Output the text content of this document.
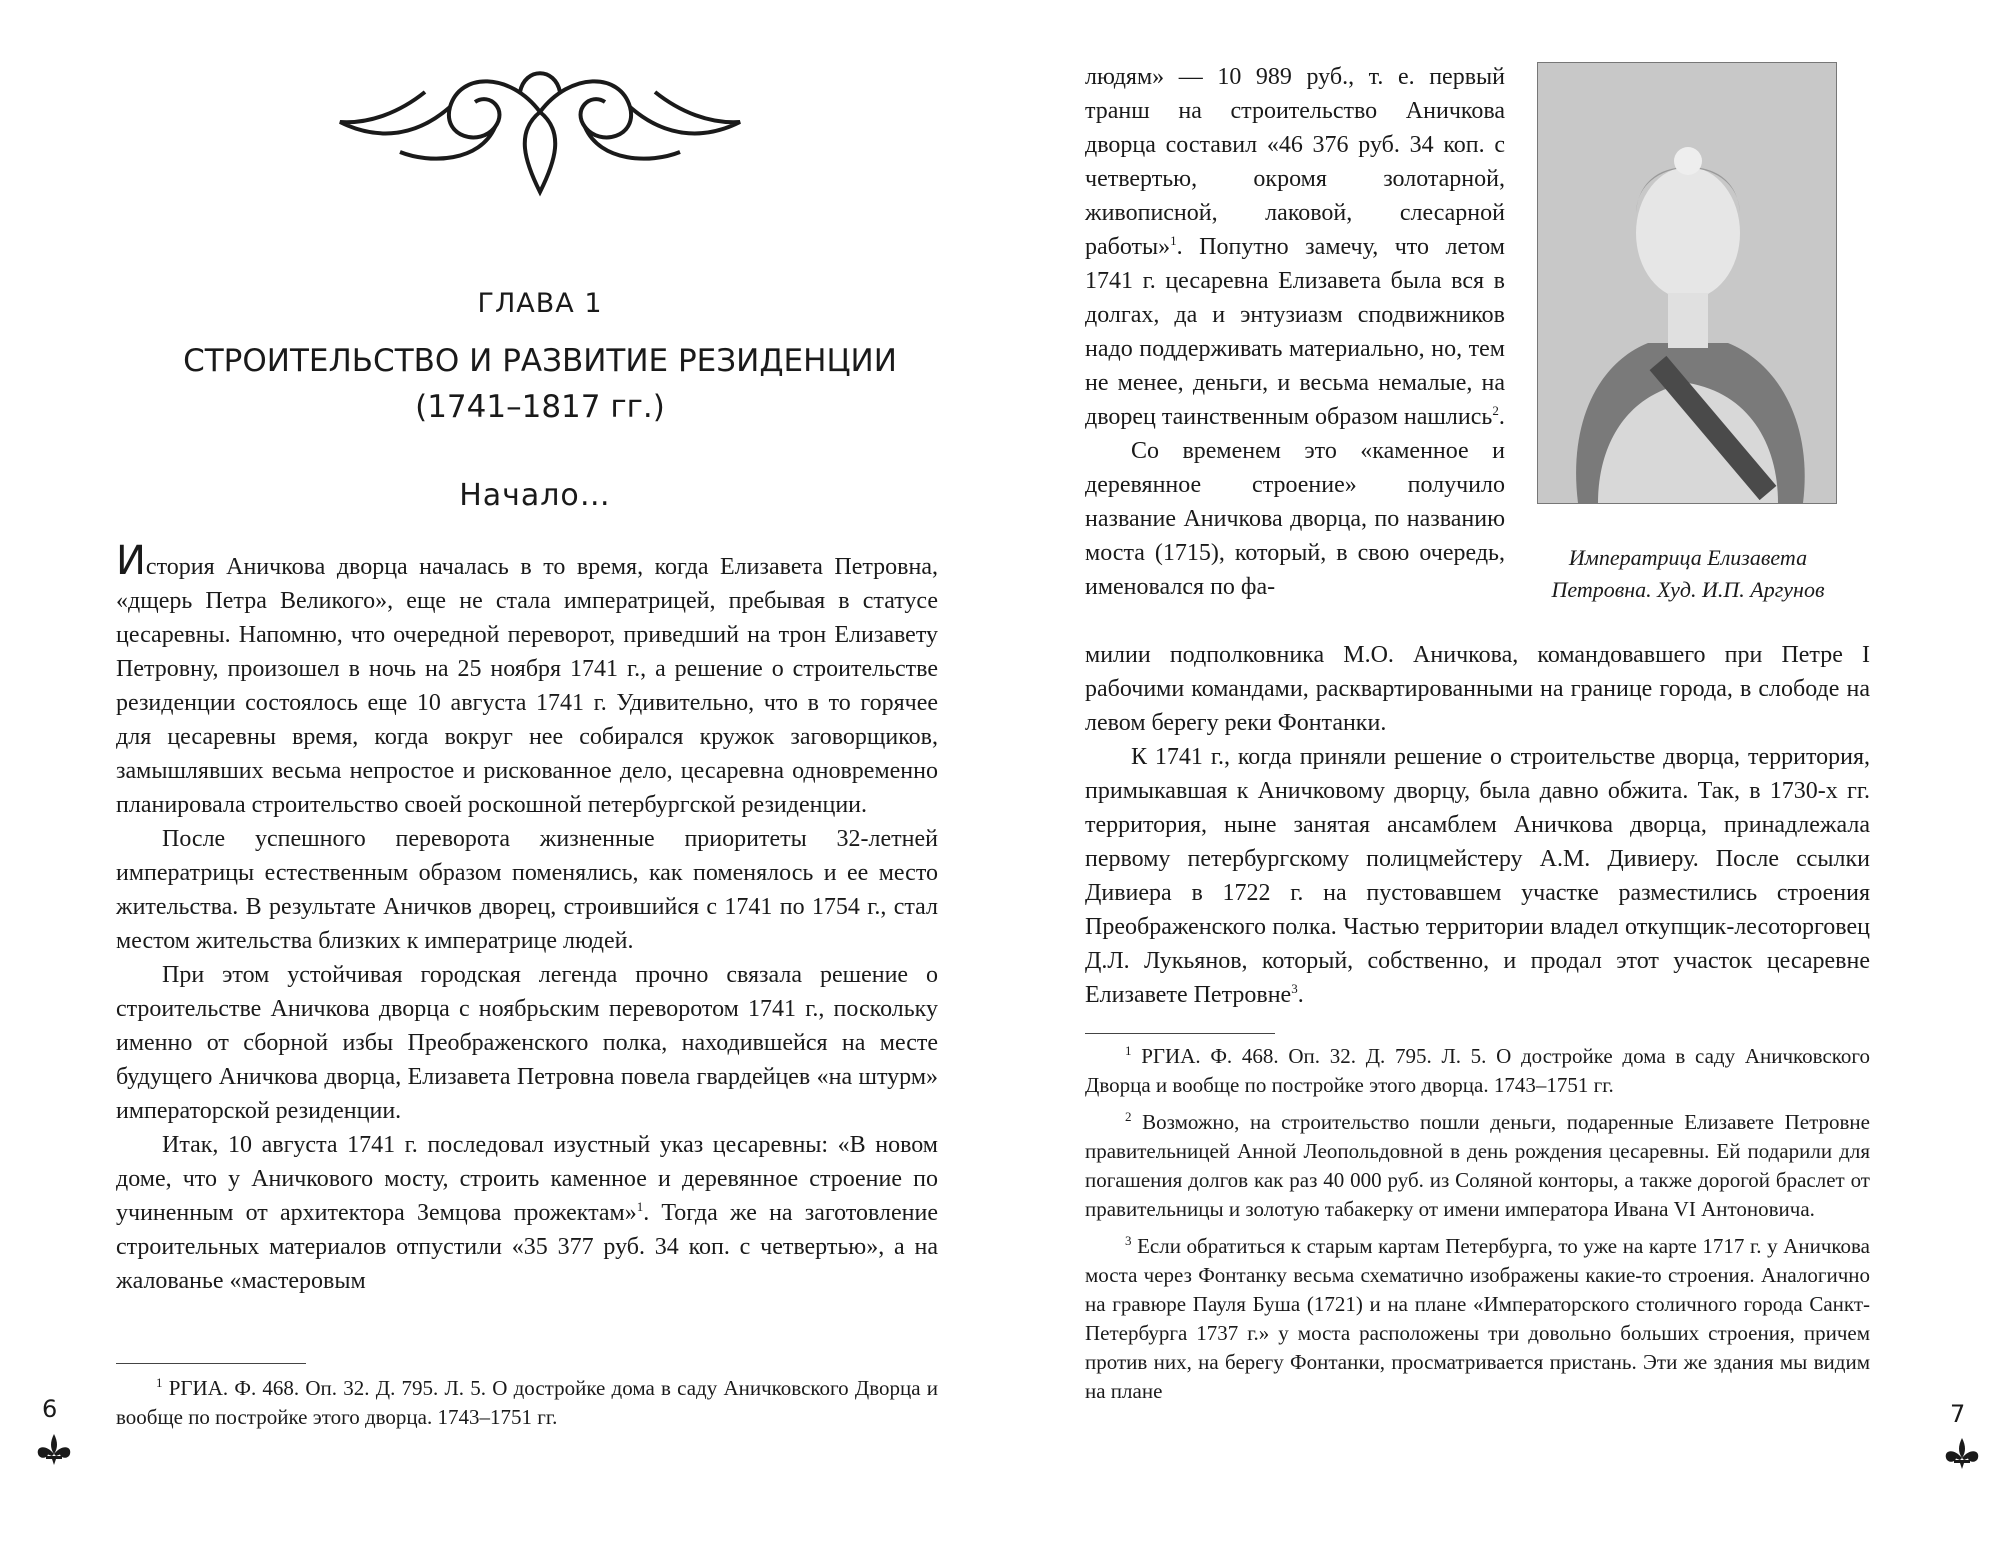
ГЛАВА 1
СТРОИТЕЛЬСТВО И РАЗВИТИЕ РЕЗИДЕНЦИИ
(1741–1817 гг.)
Начало…

История Аничкова дворца началась в то время, когда Елизавета Петровна, «дщерь Петра Великого», еще не стала императрицей, пребывая в статусе цесаревны. Напомню, что очередной переворот, приведший на трон Елизавету Петровну, произошел в ночь на 25 ноября 1741 г., а решение о строительстве резиденции состоялось еще 10 августа 1741 г. Удивительно, что в то горячее для цесаревны время, когда вокруг нее собирался кружок заговорщиков, замышлявших весьма непростое и рискованное дело, цесаревна одновременно планировала строительство своей роскошной петербургской резиденции.

После успешного переворота жизненные приоритеты 32-летней императрицы естественным образом поменялись, как поменялось и ее место жительства. В результате Аничков дворец, строившийся с 1741 по 1754 г., стал местом жительства близких к императрице людей.

При этом устойчивая городская легенда прочно связала решение о строительстве Аничкова дворца с ноябрьским переворотом 1741 г., поскольку именно от сборной избы Преображенского полка, находившейся на месте будущего Аничкова дворца, Елизавета Петровна повела гвардейцев «на штурм» императорской резиденции.

Итак, 10 августа 1741 г. последовал изустный указ цесаревны: «В новом доме, что у Аничкового мосту, строить каменное и деревянное строение по учиненным от архитектора Земцова прожектам»$^1$. Тогда же на заготовление строительных материалов отпустили «35 377 руб. 34 коп. с четвертью», а на жалованье «мастеровым

$^1$ РГИА. Ф. 468. Оп. 32. Д. 795. Л. 5. О достройке дома в саду Аничковского Дворца и вообще по постройке этого дворца. 1743–1751 гг.

6

людям» — 10 989 руб., т. е. первый транш на строительство Аничкова дворца составил «46 376 руб. 34 коп. с четвертью, окромя золотарной, живописной, лаковой, слесарной работы»$^1$. Попутно замечу, что летом 1741 г. цесаревна Елизавета была вся в долгах, да и энтузиазм сподвижников надо поддерживать материально, но, тем не менее, деньги, и весьма немалые, на дворец таинственным образом нашлись$^2$.

Со временем это «каменное и деревянное строение» получило название Аничкова дворца, по названию моста (1715), который, в свою очередь, именовался по фа-

Императрица Елизавета Петровна. Худ. И.П. Аргунов

милии подполковника М.О. Аничкова, командовавшего при Петре I рабочими командами, расквартированными на границе города, в слободе на левом берегу реки Фонтанки.

К 1741 г., когда приняли решение о строительстве дворца, территория, примыкавшая к Аничковому дворцу, была давно обжита. Так, в 1730-х гг. территория, ныне занятая ансамблем Аничкова дворца, принадлежала первому петербургскому полицмейстеру А.М. Дивиеру. После ссылки Дивиера в 1722 г. на пустовавшем участке разместились строения Преображенского полка. Частью территории владел откупщик-лесоторговец Д.Л. Лукьянов, который, собственно, и продал этот участок цесаревне Елизавете Петровне$^3$.

$^1$ РГИА. Ф. 468. Оп. 32. Д. 795. Л. 5. О достройке дома в саду Аничковского Дворца и вообще по постройке этого дворца. 1743–1751 гг.

$^2$ Возможно, на строительство пошли деньги, подаренные Елизавете Петровне правительницей Анной Леопольдовной в день рождения цесаревны. Ей подарили для погашения долгов как раз 40 000 руб. из Соляной конторы, а также дорогой браслет от правительницы и золотую табакерку от имени императора Ивана VI Антоновича.

$^3$ Если обратиться к старым картам Петербурга, то уже на карте 1717 г. у Аничкова моста через Фонтанку весьма схематично изображены какие-то строения. Аналогично на гравюре Пауля Буша (1721) и на плане «Императорского столичного города Санкт-Петербурга 1737 г.» у моста расположены три довольно больших строения, причем против них, на берегу Фонтанки, просматривается пристань. Эти же здания мы видим на плане

7
